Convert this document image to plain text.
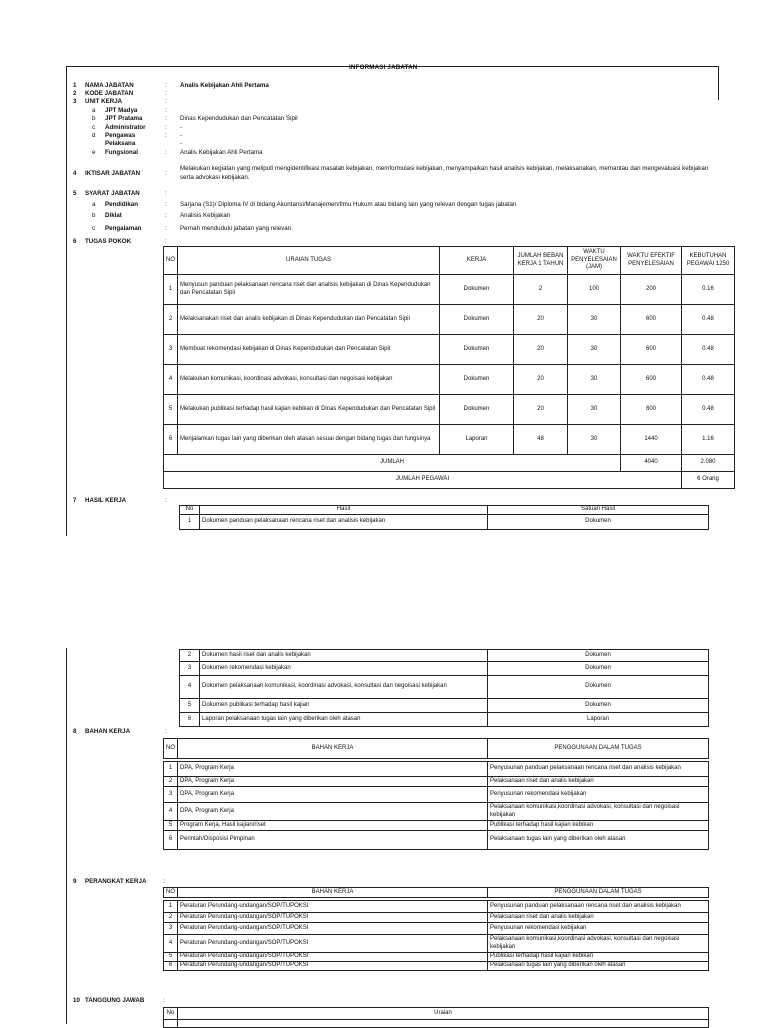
INFORMASI JABATAN
1 NAMA JABATAN	: Analis Kebijakan Ahli Pertama
2 KODE JABATAN	:
3 UNIT KERJA	:
a JPT Madya	:
b JPT Pratama	: Dinas Kependudukan dan Pencatatan Sipil
c Administrator	: -
d Pengawas	: -
Pelaksana	-
e Fungsional	: Analis Kebijakan Ahli Pertama
4 IKTISAR JABATAN	:
Melakukan kegiatan yang meliputi mengidentifikasi masalah kebijakan, memformulasi kebijakan, menyampaikan hasil analisis kebijakan, melaksanakan, memantau dan mengevaluasi kebijakan serta advokasi kebijakan.
5 SYARAT JABATAN	:
a Pendidikan	: Sarjana (S1)/ Diploma IV di bidang Akuntansi/Manajemen/Ilmu Hukum atau bidang lain yang relevan dengan tugas jabatan
b Diklat	: Analisis Kebijakan
c Pengalaman	: Pernah menduduki jabatan yang relevan.
6 TUGAS POKOK	:
NO	URAIAN TUGAS	KERJA	JUMLAH BEBAN KERJA 1 TAHUN	WAKTU PENYELESAIAN (JAM)	WAKTU EFEKTIF PENYELESAIAN	KEBUTUHAN PEGAWAI 1250
1	Menyusun panduan pelaksanaan rencana riset dan analisis kebijakan di Dinas Kependudukan dan Pencatatan Sipil	Dokumen	2	100	200	0.16
2	Melaksanakan riset dan analis kebijakan di Dinas Kependudukan dan Pencatatan Sipil	Dokumen	20	30	600	0.48
3	Membuat rekomendasi kebijakan di Dinas Kependudukan dan Pencatatan Sipil	Dokumen	20	30	600	0.48
4	Melakukan komunikasi, koordinasi advokasi, konsultasi dan negoisasi kebijakan	Dokumen	20	30	600	0.48
5	Melakukan publikasi terhadap hasil kajian kebikan di Dinas Kependudukan dan Pencatatan Sipil	Dokumen	20	30	600	0.48
6	Menjalankan tugas lain yang diberikan oleh atasan sesuai dengan bidang tugas dan fungsinya	Laporan	48	30	1440	1.16
JUMLAH					4040	2.080
JUMLAH PEGAWAI						6 Orang
7 HASIL KERJA	:
No	Hasil	Satuan Hasil
1	Dokumen panduan pelaksanaan rencana riset dan analisis kebijakan	Dokumen
2	Dokumen hasil riset dan analis kebijakan	Dokumen
3	Dokumen rekomendasi kebijakan	Dokumen
4	Dokumen pelaksanaan komunikasi, koordinasi advokasi, konsultasi dan negoisasi kebijakan	Dokumen
5	Dokumen publikasi terhadap hasil kajian	Dokumen
6	Laporan pelaksanaan tugas lain yang diberikan oleh atasan	Laporan
8 BAHAN KERJA	:
NO	BAHAN KERJA	PENGGUNAAN DALAM TUGAS

1	DPA, Program Kerja	Penyusunan panduan pelaksanaan rencana riset dan analisis kebijakan
2	DPA, Program Kerja	Pelaksanaan riset dan analis kebijakan
3	DPA, Program Kerja	Penyusunan rekomendasi kebijakan
4	DPA, Program Kerja	Pelaksanaan komunikasi,koordinasi advokasi, konsultasi dan negoisasi kebijakan
5	Program Kerja, Hasil kajian/riset	Publikasi terhadap hasil kajian kebikan
6	Perintah/Disposisi Pimpinan	Pelaksanaan tugas lain yang diberikan oleh atasan
9 PERANGKAT KERJA	:
NO	BAHAN KERJA	PENGGUNAAN DALAM TUGAS

1	Peraturan Perundang-undangan/SOP/TUPOKSI	Penyusunan panduan pelaksanaan rencana riset dan analisis kebijakan
2	Peraturan Perundang-undangan/SOP/TUPOKSI	Pelaksanaan riset dan analis kebijakan
3	Peraturan Perundang-undangan/SOP/TUPOKSI	Penyusunan rekomendasi kebijakan
4	Peraturan Perundang-undangan/SOP/TUPOKSI	Pelaksanaan komunikasi,koordinasi advokasi, konsultasi dan negoisasi kebijakan
5	Peraturan Perundang-undangan/SOP/TUPOKSI	Publikasi terhadap hasil kajian kebikan
6	Peraturan Perundang-undangan/SOP/TUPOKSI	Pelaksanaan tugas lain yang diberikan oleh atasan
10 TANGGUNG JAWAB	:
No	Uraian
